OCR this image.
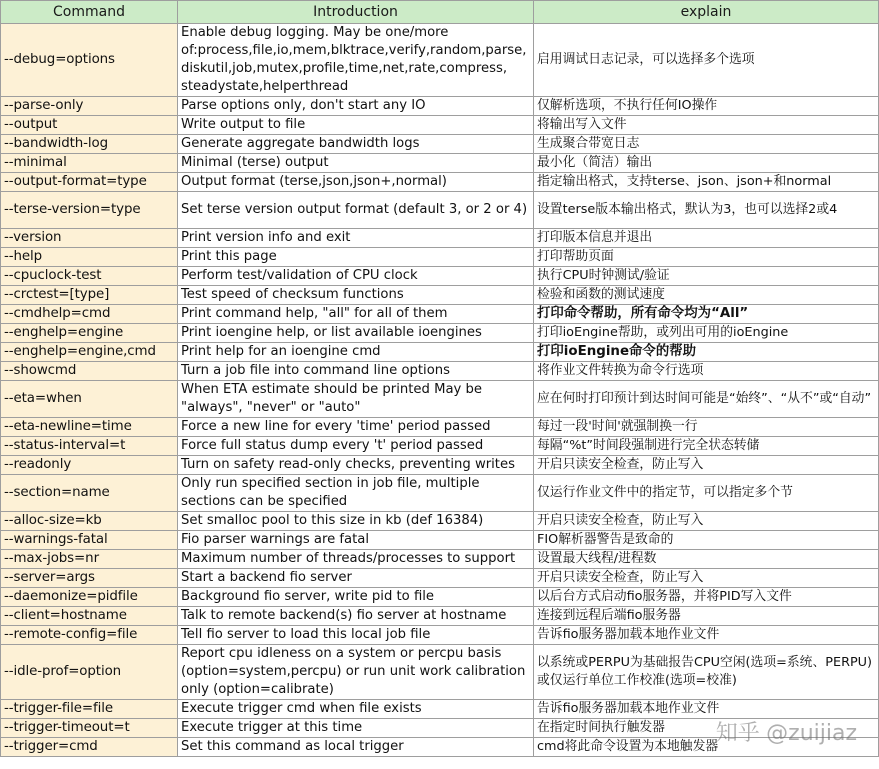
Command	Introduction	explain
--debug=options	Enable debug logging. May be one/more of:process,file,io,mem,blktrace,verify,random,parse, diskutil,job,mutex,profile,time,net,rate,compress, steadystate,helperthread	启用调试日志记录，可以选择多个选项
--parse-only	Parse options only, don't start any IO	仅解析选项，不执行任何IO操作
--output	Write output to file	将输出写入文件
--bandwidth-log	Generate aggregate bandwidth logs	生成聚合带宽日志
--minimal	Minimal (terse) output	最小化（简洁）输出
--output-format=type	Output format (terse,json,json+,normal)	指定输出格式，支持terse、json、json+和normal
--terse-version=type	Set terse version output format (default 3, or 2 or 4)	设置terse版本输出格式，默认为3，也可以选择2或4
--version	Print version info and exit	打印版本信息并退出
--help	Print this page	打印帮助页面
--cpuclock-test	Perform test/validation of CPU clock	执行CPU时钟测试/验证
--crctest=[type]	Test speed of checksum functions	检验和函数的测试速度
--cmdhelp=cmd	Print command help, "all" for all of them	打印命令帮助，所有命令均为“All”
--enghelp=engine	Print ioengine help, or list available ioengines	打印ioEngine帮助，或列出可用的ioEngine
--enghelp=engine,cmd	Print help for an ioengine cmd	打印ioEngine命令的帮助
--showcmd	Turn a job file into command line options	将作业文件转换为命令行选项
--eta=when	When ETA estimate should be printed May be "always", "never" or "auto"	应在何时打印预计到达时间可能是“始终”、“从不”或“自动”
--eta-newline=time	Force a new line for every 'time' period passed	每过一段'时间'就强制换一行
--status-interval=t	Force full status dump every 't' period passed	每隔“%t”时间段强制进行完全状态转储
--readonly	Turn on safety read-only checks, preventing writes	开启只读安全检查，防止写入
--section=name	Only run specified section in job file, multiple sections can be specified	仅运行作业文件中的指定节，可以指定多个节
--alloc-size=kb	Set smalloc pool to this size in kb (def 16384)	开启只读安全检查，防止写入
--warnings-fatal	Fio parser warnings are fatal	FIO解析器警告是致命的
--max-jobs=nr	Maximum number of threads/processes to support	设置最大线程/进程数
--server=args	Start a backend fio server	开启只读安全检查，防止写入
--daemonize=pidfile	Background fio server, write pid to file	以后台方式启动fio服务器，并将PID写入文件
--client=hostname	Talk to remote backend(s) fio server at hostname	连接到远程后端fio服务器
--remote-config=file	Tell fio server to load this local job file	告诉fio服务器加载本地作业文件
--idle-prof=option	Report cpu idleness on a system or percpu basis (option=system,percpu) or run unit work calibration only (option=calibrate)	以系统或PERPU为基础报告CPU空闲(选项=系统、PERPU)或仅运行单位工作校准(选项=校准)
--trigger-file=file	Execute trigger cmd when file exists	告诉fio服务器加载本地作业文件
--trigger-timeout=t	Execute trigger at this time	在指定时间执行触发器
--trigger=cmd	Set this command as local trigger	cmd将此命令设置为本地触发器
知乎 @zuijiaz
